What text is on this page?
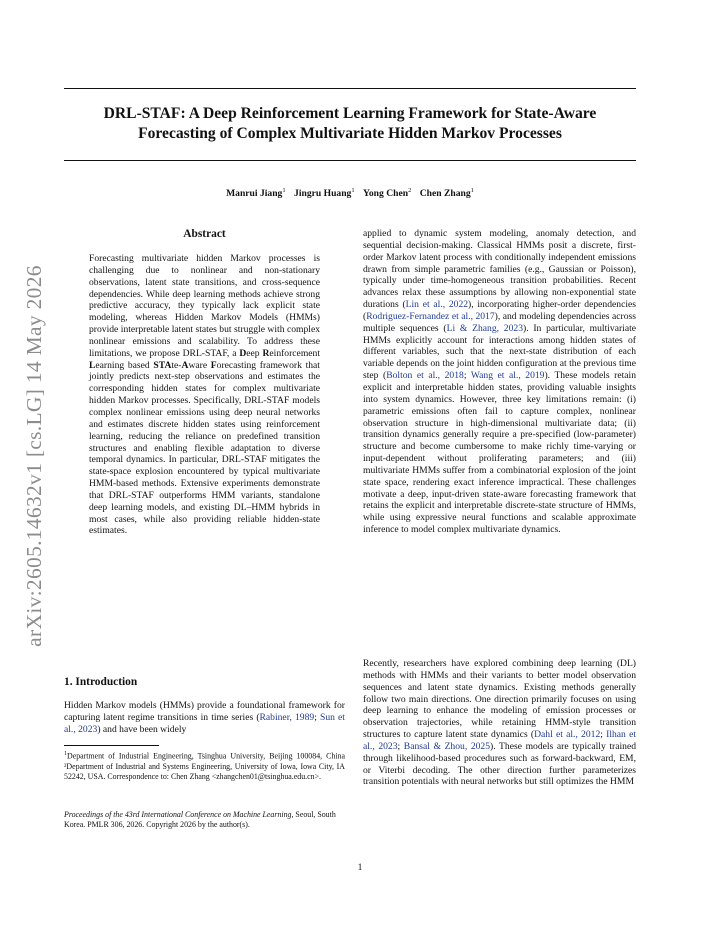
DRL-STAF: A Deep Reinforcement Learning Framework for State-Aware
Forecasting of Complex Multivariate Hidden Markov Processes
Manrui Jiang$^1$ Jingru Huang$^1$ Yong Chen$^2$ Chen Zhang$^1$
arXiv:2605.14632v1 [cs.LG] 14 May 2026
Abstract
Forecasting multivariate hidden Markov processes is challenging due to nonlinear and non-stationary observations, latent state transitions, and cross-sequence dependencies. While deep learning methods achieve strong predictive accuracy, they typically lack explicit state modeling, whereas Hidden Markov Models (HMMs) provide interpretable latent states but struggle with complex nonlinear emissions and scalability. To address these limitations, we propose DRL-STAF, a Deep Reinforcement Learning based STAte-Aware Forecasting framework that jointly predicts next-step observations and estimates the corresponding hidden states for complex multivariate hidden Markov processes. Specifically, DRL-STAF models complex nonlinear emissions using deep neural networks and estimates discrete hidden states using reinforcement learning, reducing the reliance on predefined transition structures and enabling flexible adaptation to diverse temporal dynamics. In particular, DRL-STAF mitigates the state-space explosion encountered by typical multivariate HMM-based methods. Extensive experiments demonstrate that DRL-STAF outperforms HMM variants, standalone deep learning models, and existing DL–HMM hybrids in most cases, while also providing reliable hidden-state estimates.
1. Introduction
Hidden Markov models (HMMs) provide a foundational framework for capturing latent regime transitions in time series (Rabiner, 1989; Sun et al., 2023) and have been widely
$^1$Department of Industrial Engineering, Tsinghua University, Beijing 100084, China ²Department of Industrial and Systems Engineering, University of Iowa, Iowa City, IA 52242, USA. Correspondence to: Chen Zhang <zhangchen01@tsinghua.edu.cn>.
Proceedings of the 43rd International Conference on Machine Learning, Seoul, South Korea. PMLR 306, 2026. Copyright 2026 by the author(s).
applied to dynamic system modeling, anomaly detection, and sequential decision-making. Classical HMMs posit a discrete, first-order Markov latent process with conditionally independent emissions drawn from simple parametric families (e.g., Gaussian or Poisson), typically under time-homogeneous transition probabilities. Recent advances relax these assumptions by allowing non-exponential state durations (Lin et al., 2022), incorporating higher-order dependencies (Rodriguez-Fernandez et al., 2017), and modeling dependencies across multiple sequences (Li & Zhang, 2023). In particular, multivariate HMMs explicitly account for interactions among hidden states of different variables, such that the next-state distribution of each variable depends on the joint hidden configuration at the previous time step (Bolton et al., 2018; Wang et al., 2019). These models retain explicit and interpretable hidden states, providing valuable insights into system dynamics. However, three key limitations remain: (i) parametric emissions often fail to capture complex, nonlinear observation structure in high-dimensional multivariate data; (ii) transition dynamics generally require a pre-specified (low-parameter) structure and become cumbersome to make richly time-varying or input-dependent without proliferating parameters; and (iii) multivariate HMMs suffer from a combinatorial explosion of the joint state space, rendering exact inference impractical. These challenges motivate a deep, input-driven state-aware forecasting framework that retains the explicit and interpretable discrete-state structure of HMMs, while using expressive neural functions and scalable approximate inference to model complex multivariate dynamics.
Recently, researchers have explored combining deep learning (DL) methods with HMMs and their variants to better model observation sequences and latent state dynamics. Existing methods generally follow two main directions. One direction primarily focuses on using deep learning to enhance the modeling of emission processes or observation trajectories, while retaining HMM-style transition structures to capture latent state dynamics (Dahl et al., 2012; Ilhan et al., 2023; Bansal & Zhou, 2025). These models are typically trained through likelihood-based procedures such as forward-backward, EM, or Viterbi decoding. The other direction further parameterizes transition potentials with neural networks but still optimizes the HMM
1
